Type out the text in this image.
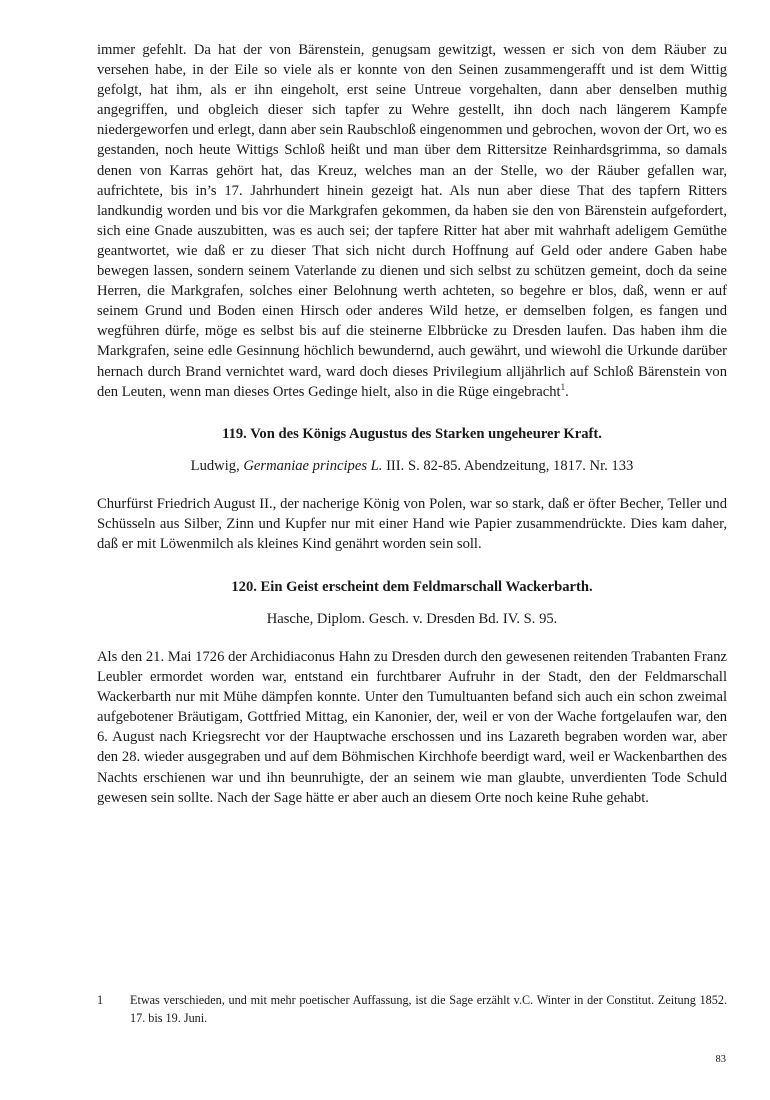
immer gefehlt. Da hat der von Bärenstein, genugsam gewitzigt, wessen er sich von dem Räuber zu versehen habe, in der Eile so viele als er konnte von den Seinen zusammengerafft und ist dem Wittig gefolgt, hat ihm, als er ihn eingeholt, erst seine Untreue vorgehalten, dann aber denselben muthig angegriffen, und obgleich dieser sich tapfer zu Wehre gestellt, ihn doch nach längerem Kampfe niedergeworfen und erlegt, dann aber sein Raubschloß eingenommen und gebrochen, wovon der Ort, wo es gestanden, noch heute Wittigs Schloß heißt und man über dem Rittersitze Reinhardsgrimma, so damals denen von Karras gehört hat, das Kreuz, welches man an der Stelle, wo der Räuber gefallen war, aufrichtete, bis in’s 17. Jahrhundert hinein gezeigt hat. Als nun aber diese That des tapfern Ritters landkundig worden und bis vor die Markgrafen gekommen, da haben sie den von Bärenstein aufgefordert, sich eine Gnade auszubitten, was es auch sei; der tapfere Ritter hat aber mit wahrhaft adeligem Gemüthe geantwortet, wie daß er zu dieser That sich nicht durch Hoffnung auf Geld oder andere Gaben habe bewegen lassen, sondern seinem Vaterlande zu dienen und sich selbst zu schützen gemeint, doch da seine Herren, die Markgrafen, solches einer Belohnung werth achteten, so begehre er blos, daß, wenn er auf seinem Grund und Boden einen Hirsch oder anderes Wild hetze, er demselben folgen, es fangen und wegführen dürfe, möge es selbst bis auf die steinerne Elbbrücke zu Dresden laufen. Das haben ihm die Markgrafen, seine edle Gesinnung höchlich bewundernd, auch gewährt, und wiewohl die Urkunde darüber hernach durch Brand vernichtet ward, ward doch dieses Privilegium alljährlich auf Schloß Bärenstein von den Leuten, wenn man dieses Ortes Gedinge hielt, also in die Rüge eingebracht$^1$.

119. Von des Königs Augustus des Starken ungeheurer Kraft.

Ludwig, Germaniae principes L. III. S. 82-85. Abendzeitung, 1817. Nr. 133

Churfürst Friedrich August II., der nacherige König von Polen, war so stark, daß er öfter Becher, Teller und Schüsseln aus Silber, Zinn und Kupfer nur mit einer Hand wie Papier zusammendrückte. Dies kam daher, daß er mit Löwenmilch als kleines Kind genährt worden sein soll.

120. Ein Geist erscheint dem Feldmarschall Wackerbarth.

Hasche, Diplom. Gesch. v. Dresden Bd. IV. S. 95.

Als den 21. Mai 1726 der Archidiaconus Hahn zu Dresden durch den gewesenen reitenden Trabanten Franz Leubler ermordet worden war, entstand ein furchtbarer Aufruhr in der Stadt, den der Feldmarschall Wackerbarth nur mit Mühe dämpfen konnte. Unter den Tumultuanten befand sich auch ein schon zweimal aufgebotener Bräutigam, Gottfried Mittag, ein Kanonier, der, weil er von der Wache fortgelaufen war, den 6. August nach Kriegsrecht vor der Hauptwache erschossen und ins Lazareth begraben worden war, aber den 28. wieder ausgegraben und auf dem Böhmischen Kirchhofe beerdigt ward, weil er Wackenbarthen des Nachts erschienen war und ihn beunruhigte, der an seinem wie man glaubte, unverdienten Tode Schuld gewesen sein sollte. Nach der Sage hätte er aber auch an diesem Orte noch keine Ruhe gehabt.

1	Etwas verschieden, und mit mehr poetischer Auffassung, ist die Sage erzählt v.C. Winter in der Constitut. Zeitung 1852. 17. bis 19. Juni.
83
